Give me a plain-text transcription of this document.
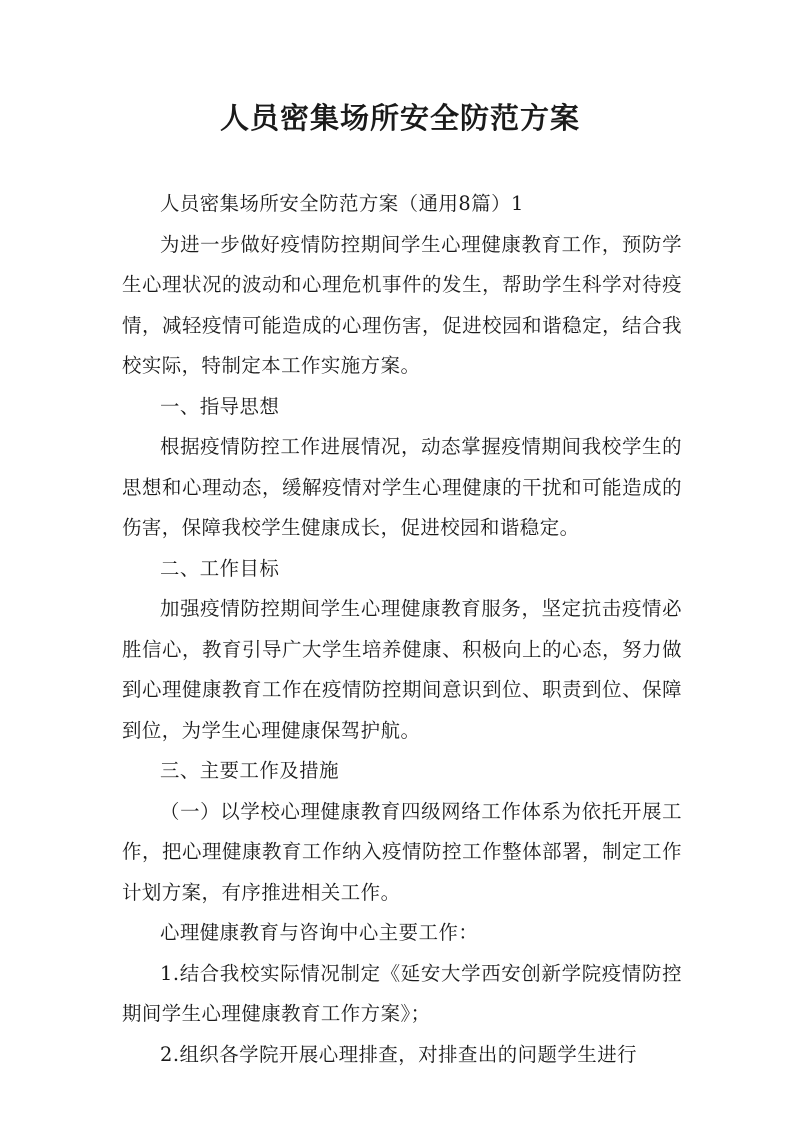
人员密集场所安全防范方案

人员密集场所安全防范方案（通用8篇）1

为进一步做好疫情防控期间学生心理健康教育工作，预防学生心理状况的波动和心理危机事件的发生，帮助学生科学对待疫情，减轻疫情可能造成的心理伤害，促进校园和谐稳定，结合我校实际，特制定本工作实施方案。

一、指导思想

根据疫情防控工作进展情况，动态掌握疫情期间我校学生的思想和心理动态，缓解疫情对学生心理健康的干扰和可能造成的伤害，保障我校学生健康成长，促进校园和谐稳定。

二、工作目标

加强疫情防控期间学生心理健康教育服务，坚定抗击疫情必胜信心，教育引导广大学生培养健康、积极向上的心态，努力做到心理健康教育工作在疫情防控期间意识到位、职责到位、保障到位，为学生心理健康保驾护航。

三、主要工作及措施

（一）以学校心理健康教育四级网络工作体系为依托开展工作，把心理健康教育工作纳入疫情防控工作整体部署，制定工作计划方案，有序推进相关工作。

心理健康教育与咨询中心主要工作：

1.结合我校实际情况制定《延安大学西安创新学院疫情防控期间学生心理健康教育工作方案》；

2.组织各学院开展心理排查，对排查出的问题学生进行
